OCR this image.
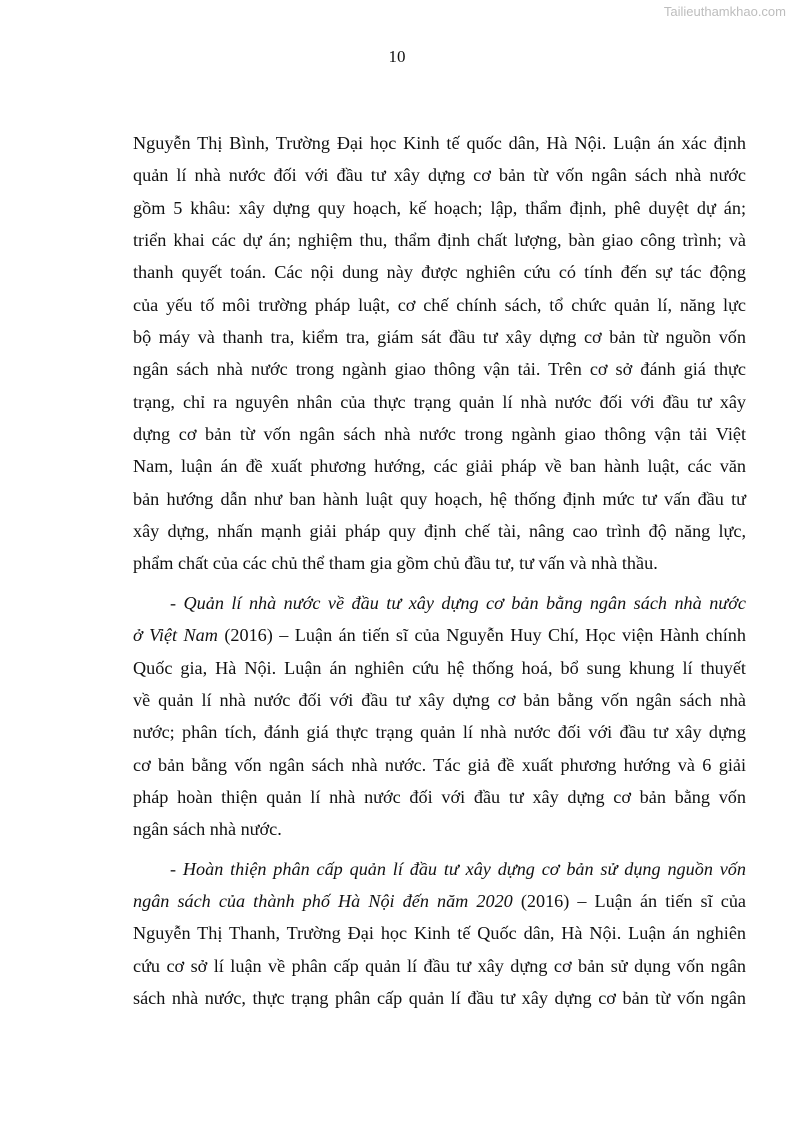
Tailieuthamkhao.com
10
Nguyễn Thị Bình, Trường Đại học Kinh tế quốc dân, Hà Nội. Luận án xác định
quản lí nhà nước đối với đầu tư xây dựng cơ bản từ vốn ngân sách nhà nước
gồm 5 khâu: xây dựng quy hoạch, kế hoạch; lập, thẩm định, phê duyệt dự án;
triển khai các dự án; nghiệm thu, thẩm định chất lượng, bàn giao công trình; và
thanh quyết toán. Các nội dung này được nghiên cứu có tính đến sự tác động
của yếu tố môi trường pháp luật, cơ chế chính sách, tổ chức quản lí, năng lực
bộ máy và thanh tra, kiểm tra, giám sát đầu tư xây dựng cơ bản từ nguồn vốn
ngân sách nhà nước trong ngành giao thông vận tải. Trên cơ sở đánh giá thực
trạng, chỉ ra nguyên nhân của thực trạng quản lí nhà nước đối với đầu tư xây
dựng cơ bản từ vốn ngân sách nhà nước trong ngành giao thông vận tải Việt
Nam, luận án đề xuất phương hướng, các giải pháp về ban hành luật, các văn
bản hướng dẫn như ban hành luật quy hoạch, hệ thống định mức tư vấn đầu tư
xây dựng, nhấn mạnh giải pháp quy định chế tài, nâng cao trình độ năng lực,
phẩm chất của các chủ thể tham gia gồm chủ đầu tư, tư vấn và nhà thầu.
- Quản lí nhà nước về đầu tư xây dựng cơ bản bằng ngân sách nhà nước
ở Việt Nam (2016) – Luận án tiến sĩ của Nguyễn Huy Chí, Học viện Hành chính
Quốc gia, Hà Nội. Luận án nghiên cứu hệ thống hoá, bổ sung khung lí thuyết
về quản lí nhà nước đối với đầu tư xây dựng cơ bản bằng vốn ngân sách nhà
nước; phân tích, đánh giá thực trạng quản lí nhà nước đối với đầu tư xây dựng
cơ bản bằng vốn ngân sách nhà nước. Tác giả đề xuất phương hướng và 6 giải
pháp hoàn thiện quản lí nhà nước đối với đầu tư xây dựng cơ bản bằng vốn
ngân sách nhà nước.
- Hoàn thiện phân cấp quản lí đầu tư xây dựng cơ bản sử dụng nguồn vốn
ngân sách của thành phố Hà Nội đến năm 2020 (2016) – Luận án tiến sĩ của
Nguyễn Thị Thanh, Trường Đại học Kinh tế Quốc dân, Hà Nội. Luận án nghiên
cứu cơ sở lí luận về phân cấp quản lí đầu tư xây dựng cơ bản sử dụng vốn ngân
sách nhà nước, thực trạng phân cấp quản lí đầu tư xây dựng cơ bản từ vốn ngân
